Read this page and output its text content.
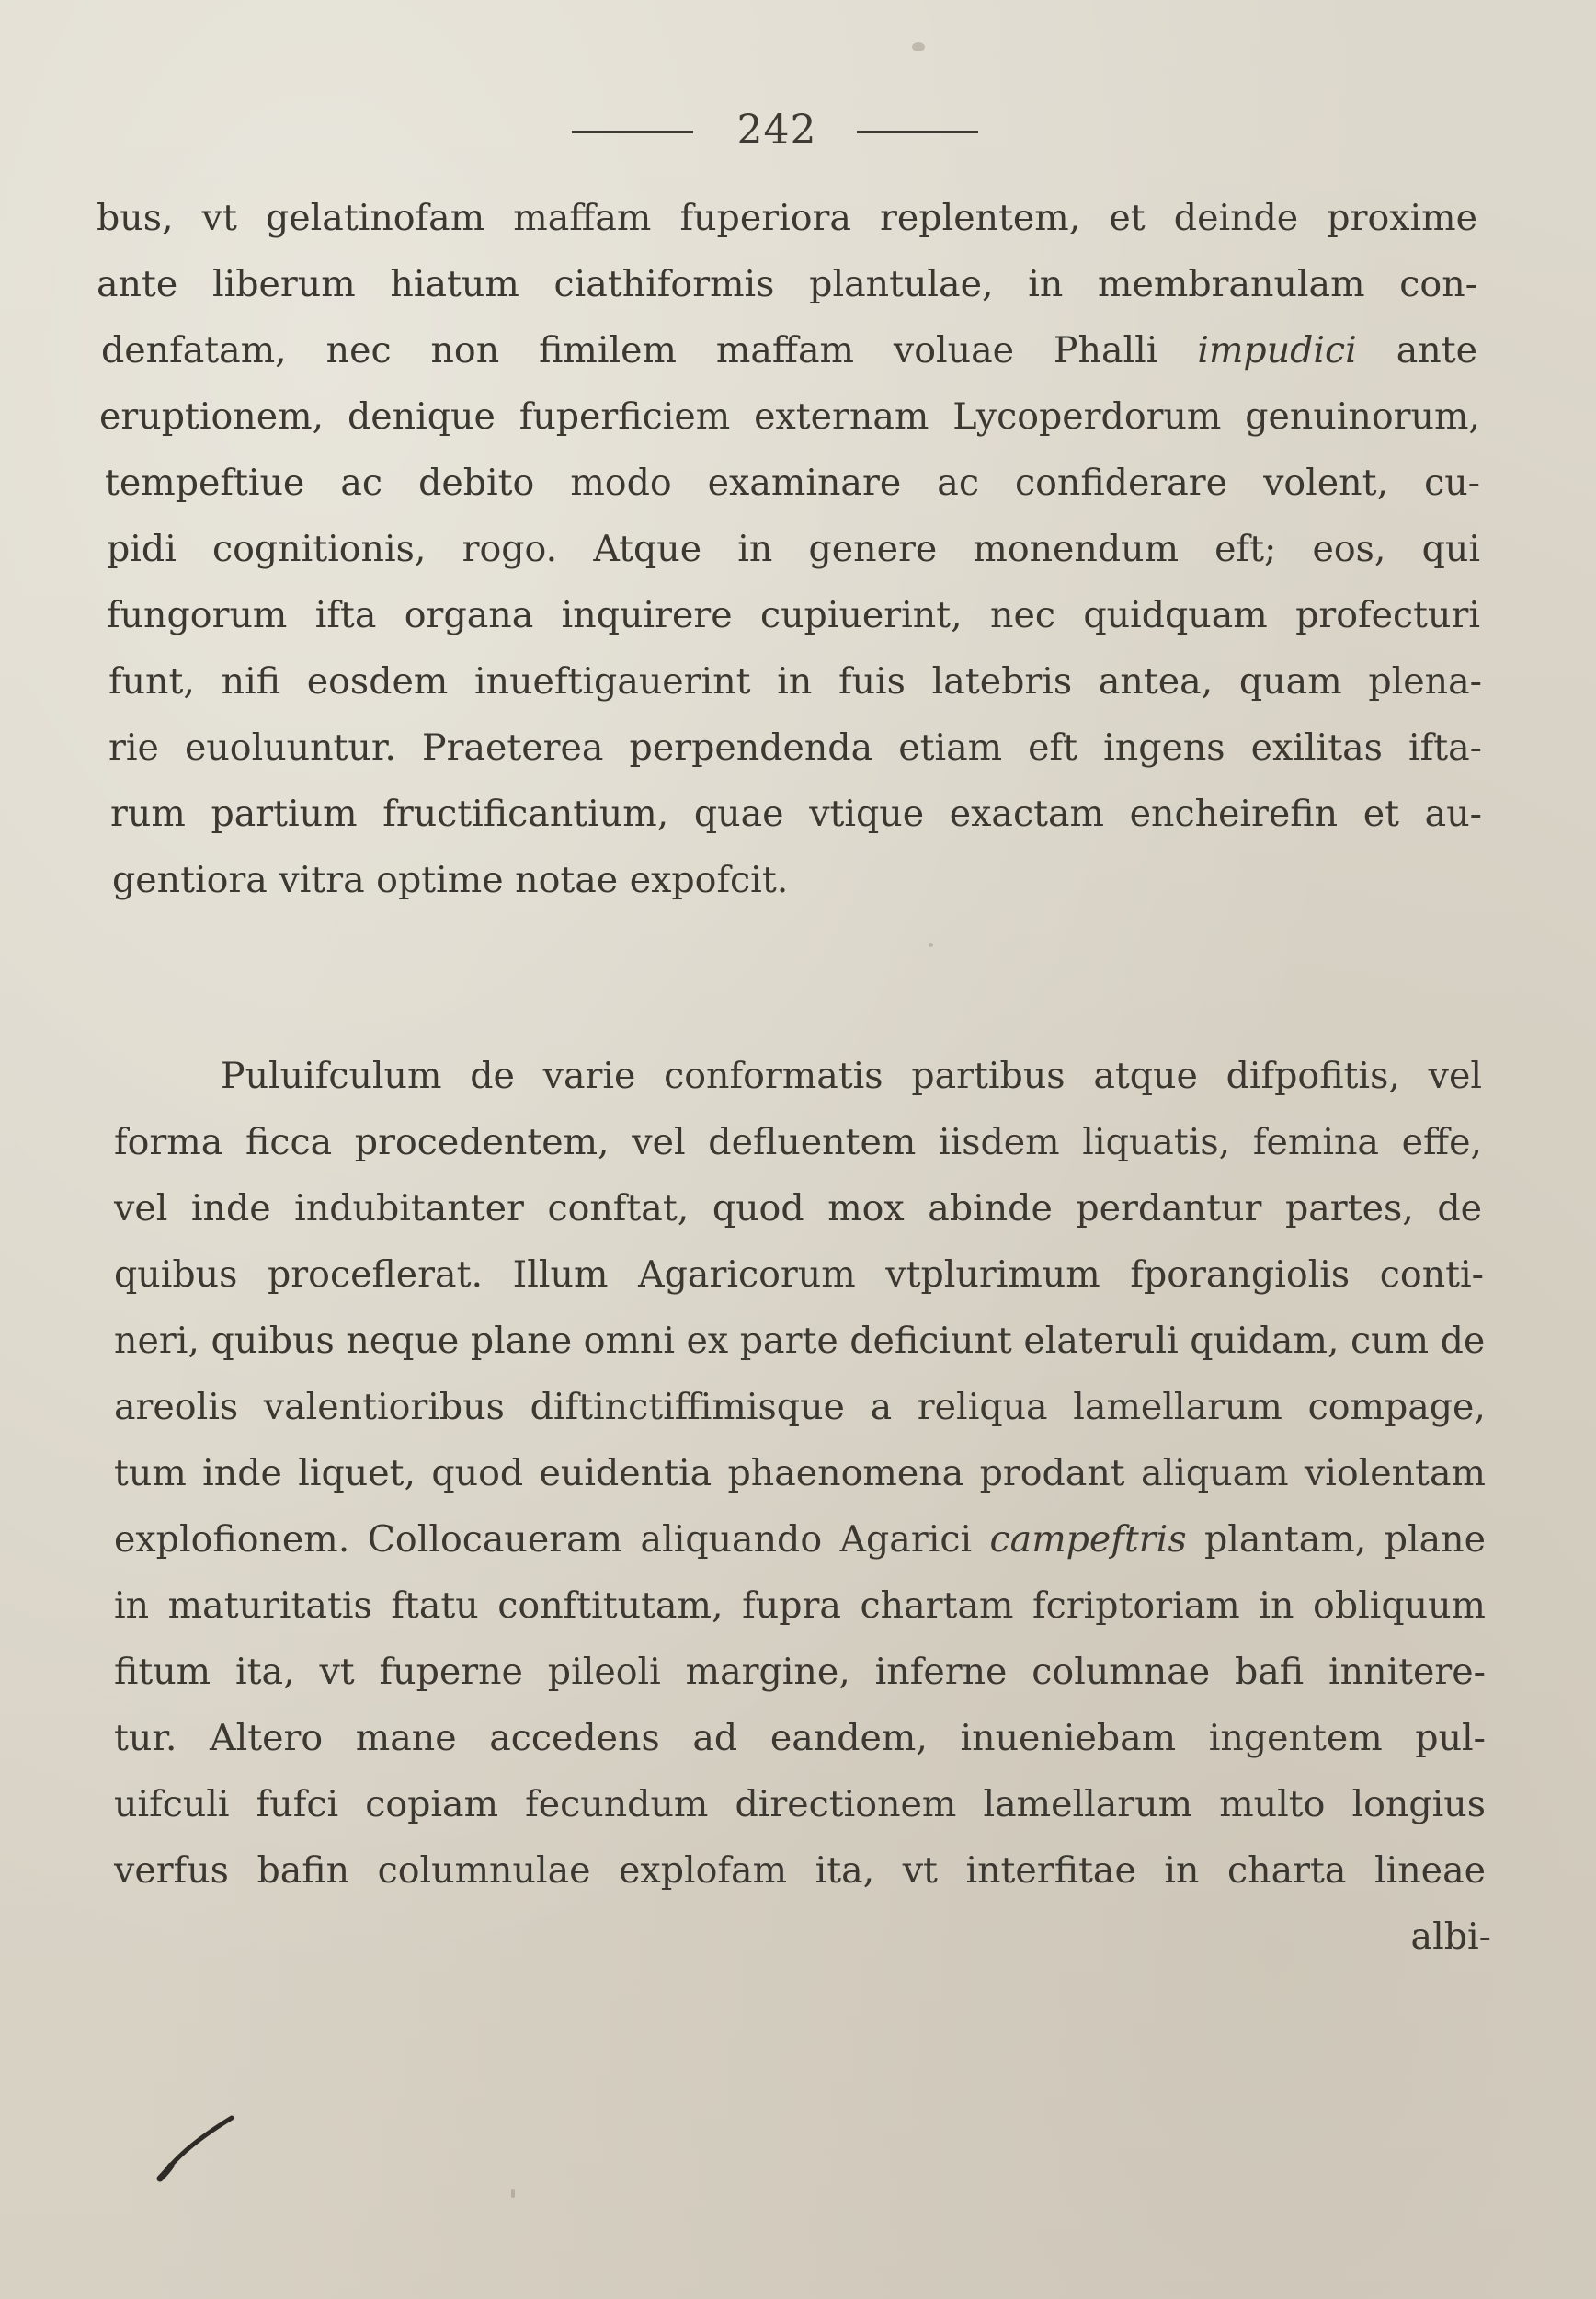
242
bus, vt gelatinofam maffam fuperiora replentem, et deinde proxime
ante liberum hiatum ciathiformis plantulae, in membranulam con-
denfatam, nec non fimilem maffam voluae Phalli impudici ante
eruptionem, denique fuperficiem externam Lycoperdorum genuinorum,
tempeftiue ac debito modo examinare ac confiderare volent, cu-
pidi cognitionis, rogo. Atque in genere monendum eft; eos, qui
fungorum ifta organa inquirere cupiuerint, nec quidquam profecturi
funt, nifi eosdem inueftigauerint in fuis latebris antea, quam plena-
rie euoluuntur. Praeterea perpendenda etiam eft ingens exilitas ifta-
rum partium fructificantium, quae vtique exactam encheirefin et au-
gentiora vitra optime notae expofcit.
Puluifculum de varie conformatis partibus atque difpofitis, vel
forma ficca procedentem, vel defluentem iisdem liquatis, femina effe,
vel inde indubitanter conftat, quod mox abinde perdantur partes, de
quibus proceflerat. Illum Agaricorum vtplurimum fporangiolis conti-
neri, quibus neque plane omni ex parte deficiunt elateruli quidam, cum de
areolis valentioribus diftinctiffimisque a reliqua lamellarum compage,
tum inde liquet, quod euidentia phaenomena prodant aliquam violentam
explofionem. Collocaueram aliquando Agarici campeftris plantam, plane
in maturitatis ftatu conftitutam, fupra chartam fcriptoriam in obliquum
fitum ita, vt fuperne pileoli margine, inferne columnae bafi innitere-
tur. Altero mane accedens ad eandem, inueniebam ingentem pul-
uifculi fufci copiam fecundum directionem lamellarum multo longius
verfus bafin columnulae explofam ita, vt interfitae in charta lineae
albi-
